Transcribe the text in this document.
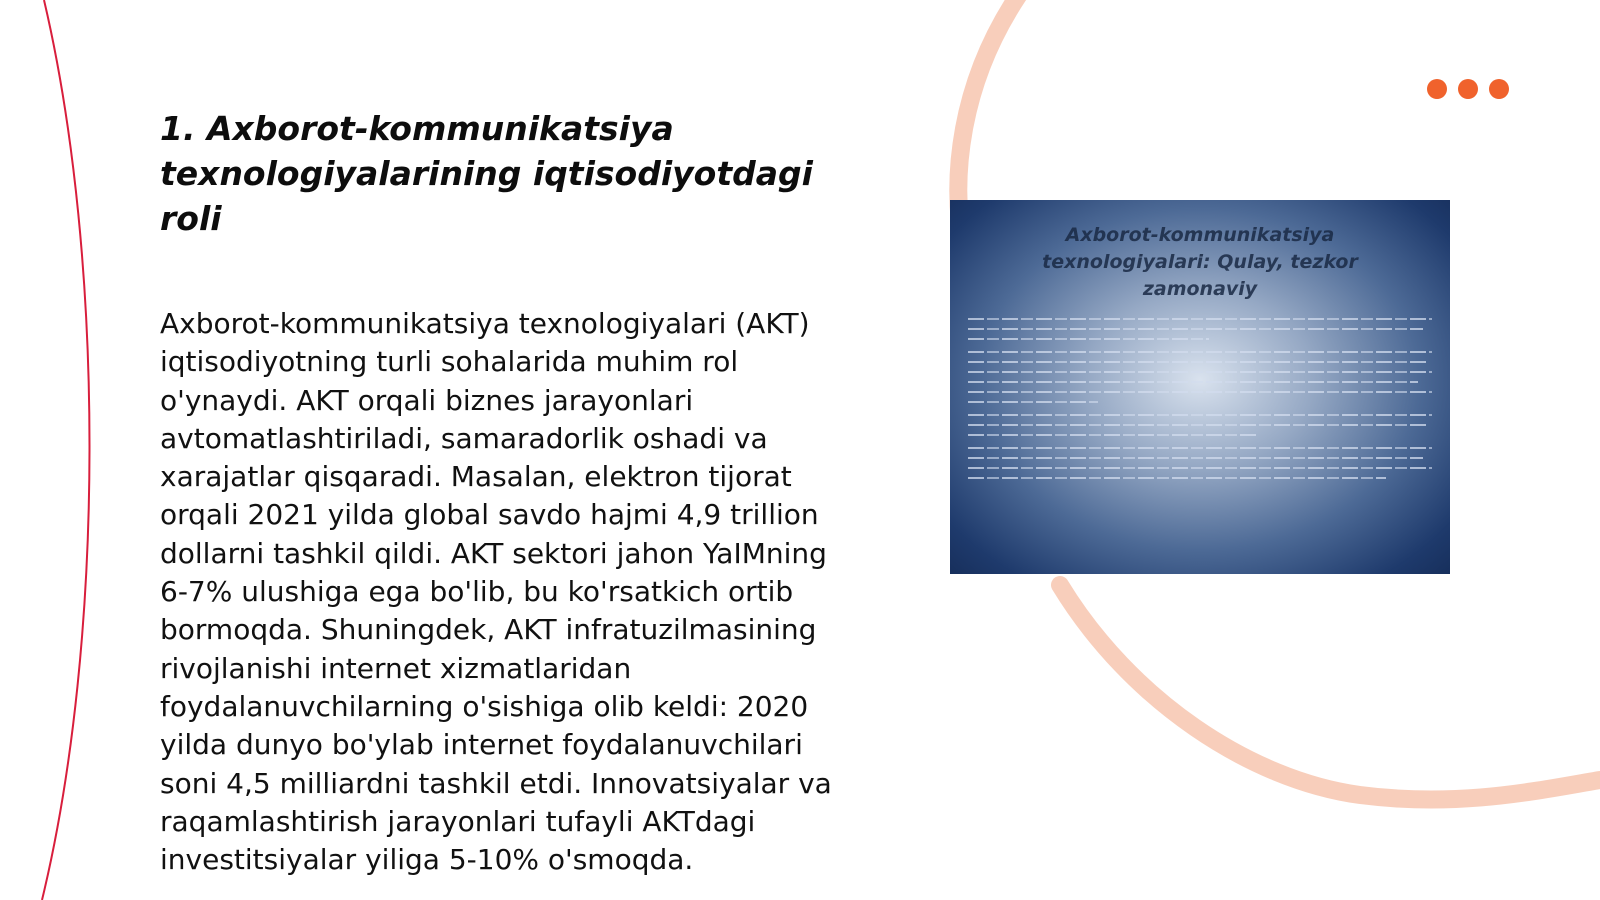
1. Axborot-kommunikatsiya texnologiyalarining iqtisodiyotdagi roli

Axborot-kommunikatsiya texnologiyalari (AKT) iqtisodiyotning turli sohalarida muhim rol o'ynaydi. AKT orqali biznes jarayonlari avtomatlashtiriladi, samaradorlik oshadi va xarajatlar qisqaradi. Masalan, elektron tijorat orqali 2021 yilda global savdo hajmi 4,9 trillion dollarni tashkil qildi. AKT sektori jahon YaIMning 6-7% ulushiga ega bo'lib, bu ko'rsatkich ortib bormoqda. Shuningdek, AKT infratuzilmasining rivojlanishi internet xizmatlaridan foydalanuvchilarning o'sishiga olib keldi: 2020 yilda dunyo bo'ylab internet foydalanuvchilari soni 4,5 milliardni tashkil etdi. Innovatsiyalar va raqamlashtirish jarayonlari tufayli AKTdagi investitsiyalar yiliga 5-10% o'smoqda.

Axborot-kommunikatsiya texnologiyalari: Qulay, tezkor zamonaviy
